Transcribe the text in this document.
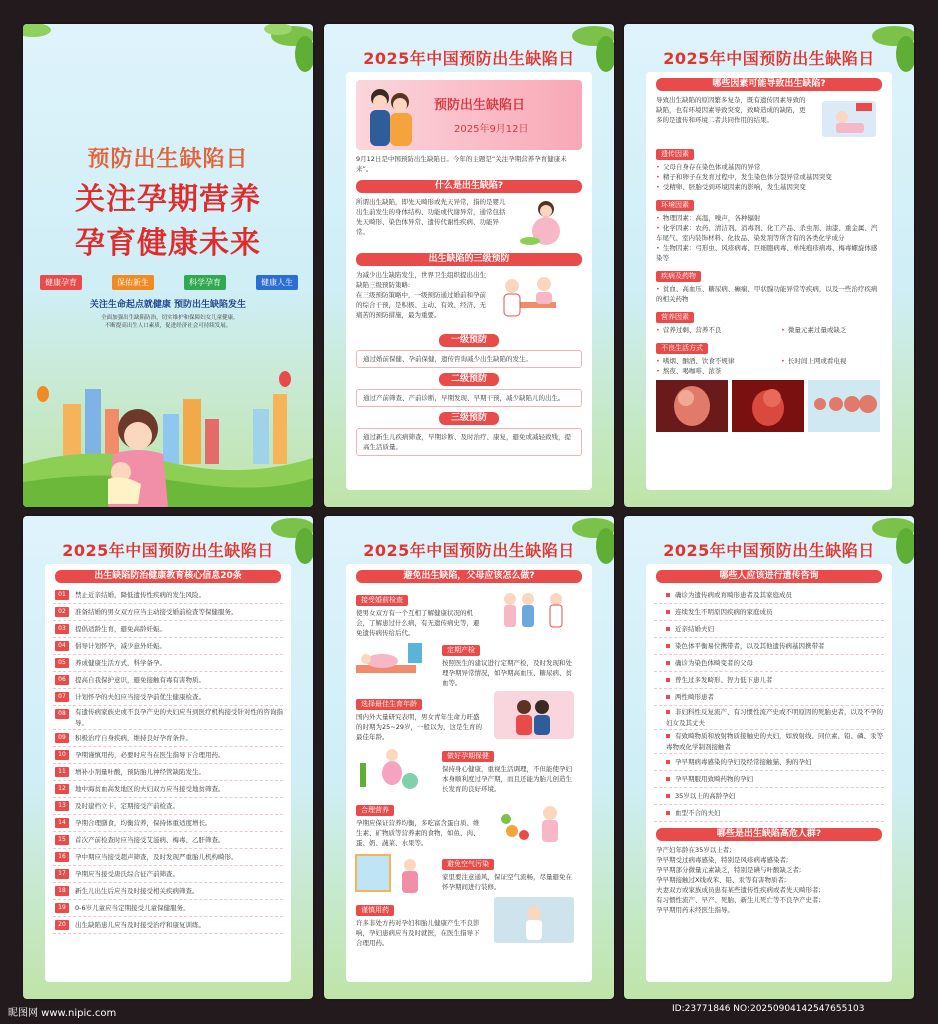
预防出生缺陷日
关注孕期营养
孕育健康未来
健康孕育	保佑新生	科学孕育	健康人生
关注生命起点就健康 预防出生缺陷发生
全面加强出生缺陷防治，切实维护和保障妇女儿童健康,
不断提高出生人口素质，促进经济社会可持续发展。
2025年中国预防出生缺陷日
预防出生缺陷日
2025年9月12日
9月12日是中国预防出生缺陷日。今年的主题是“关注孕期营养孕育健康未来”。
什么是出生缺陷?
所谓出生缺陷，即先天畸形或先天异常，指的是婴儿出生前发生的身体结构、功能或代谢异常，通常包括先天畸形、染色体异常、遗传代谢性疾病、功能异常。
出生缺陷的三级预防
为减少出生缺陷发生，世界卫生组织提出出生缺陷三级预防策略:
在三级预防策略中，一级预防通过婚前和孕前的综合干预，是积极、主动、有效、经济、无痛苦的预防措施，最为重要。
一级预防
通过婚前保健、孕前保健，遗传咨询减少出生缺陷的发生。
二级预防
通过产前筛查、产前诊断，早期发现、早期干预，减少缺陷儿的出生。
三级预防
通过新生儿疾病筛查，早期诊断、及时治疗、康复，避免或减轻致残，提高生活质量。
2025年中国预防出生缺陷日
哪些因素可能导致出生缺陷?
导致出生缺陷的原因繁多复杂，既有遗传因素导致的缺陷，也有环境因素导致突变，致畸造成的缺陷，更多的是遗传和环境二者共同作用的结果。
遗传因素
• 父母自身存在染色体或基因的异常
• 精子和卵子在发育过程中，发生染色体分裂异常或基因突变
• 受精卵、胚胎受到环境因素的影响，发生基因突变
环境因素
• 物理因素：高温，噪声，各种辐射
• 化学因素：农药、清洁剂、消毒剂、化工产品、杀虫剂、油漆、重金属、汽车尾气、室内装饰材料、化妆品、染发剂等所含有的各类化学成分
• 生物因素：弓形虫、风疹病毒、巨细胞病毒、单纯疱疹病毒、梅毒螺旋体感染等
疾病及药物
• 贫血、高血压、糖尿病、癫痫、甲状腺功能异常等疾病，以及一些治疗疾病的相关药物
营养因素
• 营养过剩、营养不良	• 微量元素过量或缺乏
不良生活方式
• 嗜烟、酗酒、饮食不规律	• 长时间上网或看电视
• 熬夜、喝咖啡、浓茶
2025年中国预防出生缺陷日
出生缺陷防治健康教育核心信息20条
01	禁止近亲结婚，降低遗传性疾病的发生风险。
02	准备结婚的男女双方应当主动接受婚前检查等保健服务。
03	提倡适龄生育，避免高龄妊娠。
04	倡导计划怀孕，减少意外妊娠。
05	养成健康生活方式，科学备孕。
06	提高自我保护意识，避免接触有毒有害物质。
07	计划怀孕的夫妇应当接受孕前优生健康检查。
08	有遗传病家族史或不良孕产史的夫妇应当到医疗机构接受针对性的咨询指导。
09	积极治疗自身疾病，维持良好孕育条件。
10	孕期谨慎用药，必要时应当在医生指导下合理用药。
11	增补小剂量叶酸，预防胎儿神经管缺陷发生。
12	地中海贫血高发地区的夫妇双方应当接受地贫筛查。
13	及时建档立卡，定期接受产前检查。
14	孕期合理膳食，均衡营养，保持体重适度增长。
15	首次产前检查时应当接受艾滋病、梅毒、乙肝筛查。
16	孕中期应当接受超声筛查，及时发现严重胎儿机构畸形。
17	孕期应当接受唐氏综合征产前筛查。
18	新生儿出生后应当及时接受相关疾病筛查。
19	0-6岁儿童应当定期接受儿童保健服务。
20	出生缺陷患儿应当及时接受治疗和康复训练。
2025年中国预防出生缺陷日
避免出生缺陷，父母应该怎么做?
接受婚前检查
使男女双方有一个互相了解健康状况的机会，了解患过什么病，有无遗传病史等，避免遗传病传给后代。
定期产检
按照医生的建议进行定期产检，及时发现和处理孕期异常情况，如孕期高血压、糖尿病、贫血等。
选择最佳生育年龄
国内外大量研究表明，男女青年生命力旺盛的时期为25~29岁，一般以为，这是生育的最佳年龄。
做好孕期保健
保持身心健康，重视生活调理，不但能使孕妇本身顺利度过孕产期，而且还能为胎儿创造生长发育的良好环境。
合理营养
孕期应保证营养均衡，多吃富含蛋白质、维生素、矿物质等营养素的食物，如鱼、肉、蛋、奶、蔬菜、水果等。
避免空气污染
家里要注意通风，保证空气流畅，尽量避免在怀孕期间进行装修。
谨慎用药
许多非处方药对孕妇和胎儿健康产生不良影响，孕妇患病应当及时就医，在医生指导下合理用药。
2025年中国预防出生缺陷日
哪些人应该进行遗传咨询
确诊为遗传病或育畸形患者及其家庭成员
连续发生不明原因疾病的家庭成员
近亲结婚夫妇
染色体平衡易位携带者，以及其他遗传病基因携带者
确诊为染色体畸变者的父母
曾生过多发畸形、智力低下患儿者
两性畸形患者
非妇科性反复流产、有习惯性流产史或不明原因的死胎史者，以及不孕的妇女及其丈夫
有致畸物质和放射物质接触史的夫妇，如放射线、同位素、铅、磷、汞等毒物或化学制剂接触者
孕早期病毒感染的孕妇及经常接触猫、狗的孕妇
孕早期服用致畸药物的孕妇
35岁以上的高龄孕妇
血型不合的夫妇
哪些是出生缺陷高危人群?
孕产妇年龄在35岁以上者;
孕早期受过病毒感染，特别是风疹病毒感染者;
孕早期部分微量元素缺乏，特别是碘与叶酸缺乏者;
孕早期接触过X线或苯、铅、汞等有害物质者;
夫妻双方或家族成员患有某些遗传性疾病或者先天畸形者;
有习惯性流产、早产、死胎、新生儿死亡等不良孕产史者;
孕早期用药未经医生指导。
昵图网 www.nipic.com	ID:23771846 NO:20250904142547655103
